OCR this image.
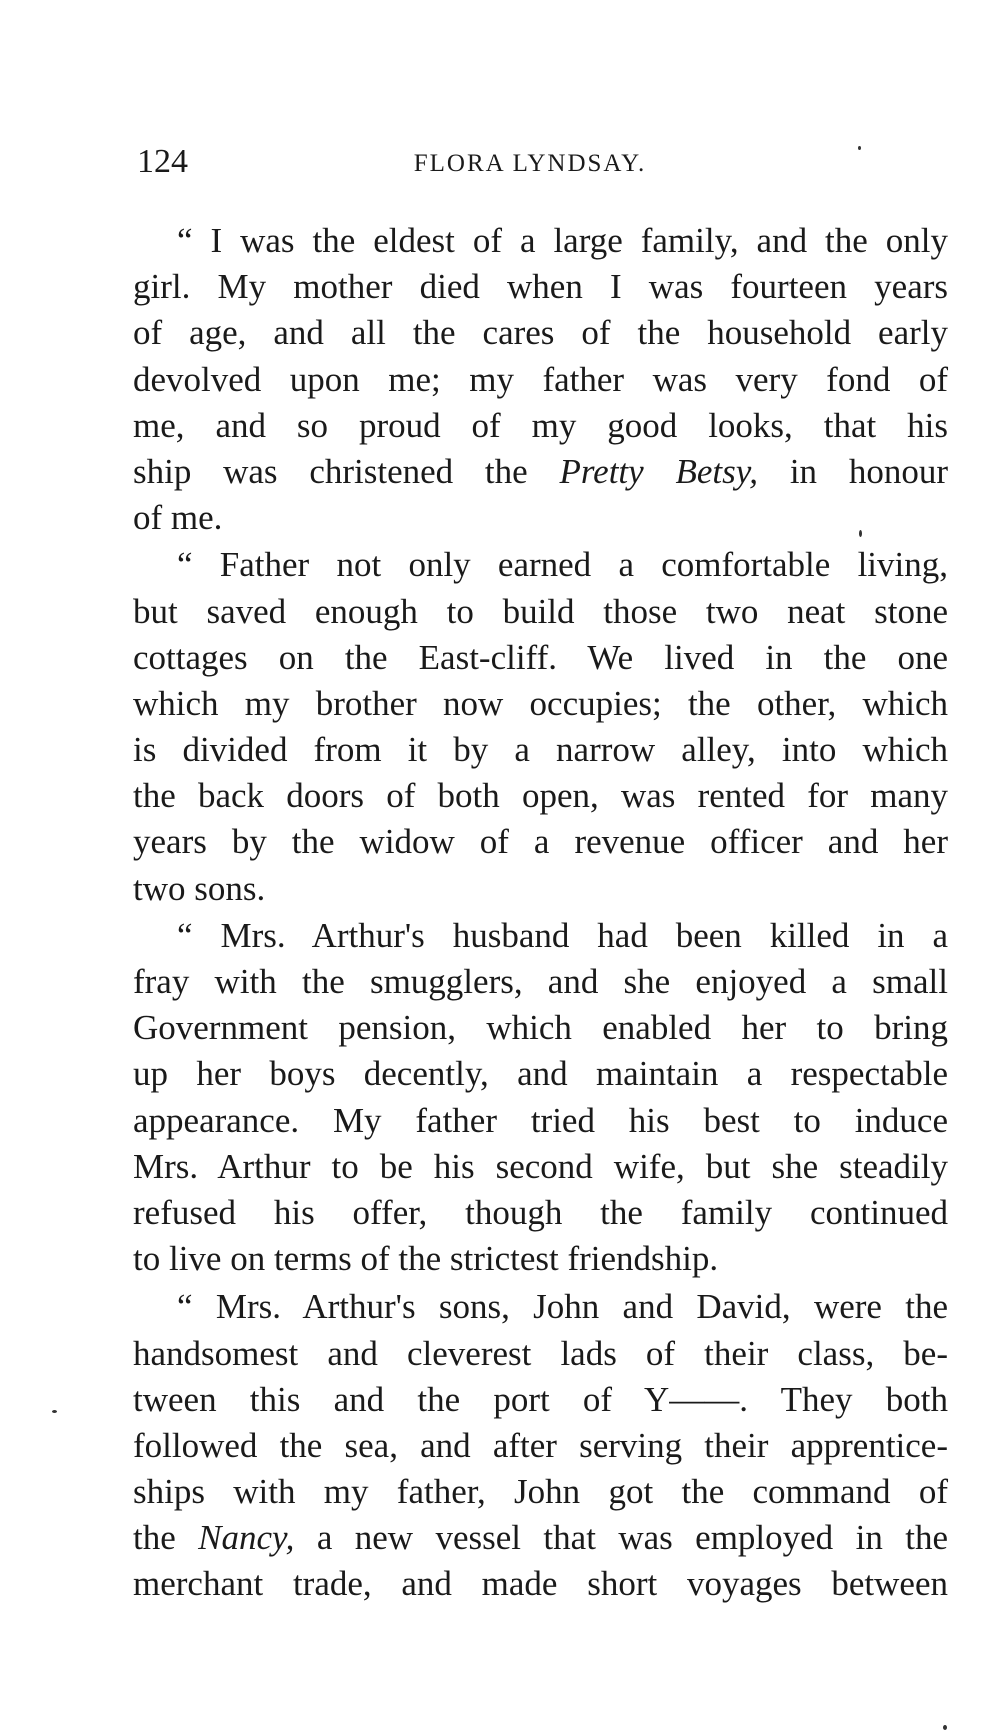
124	FLORA LYNDSAY.
“ I was the eldest of a large family, and the only
girl. My mother died when I was fourteen years
of age, and all the cares of the household early
devolved upon me; my father was very fond of
me, and so proud of my good looks, that his
ship was christened the Pretty Betsy, in honour
of me.
“ Father not only earned a comfortable living,
but saved enough to build those two neat stone
cottages on the East-cliff. We lived in the one
which my brother now occupies; the other, which
is divided from it by a narrow alley, into which
the back doors of both open, was rented for many
years by the widow of a revenue officer and her
two sons.
“ Mrs. Arthur's husband had been killed in a
fray with the smugglers, and she enjoyed a small
Government pension, which enabled her to bring
up her boys decently, and maintain a respectable
appearance. My father tried his best to induce
Mrs. Arthur to be his second wife, but she steadily
refused his offer, though the family continued
to live on terms of the strictest friendship.
“ Mrs. Arthur's sons, John and David, were the
handsomest and cleverest lads of their class, be-
tween this and the port of Y——. They both
followed the sea, and after serving their apprentice-
ships with my father, John got the command of
the Nancy, a new vessel that was employed in the
merchant trade, and made short voyages between
